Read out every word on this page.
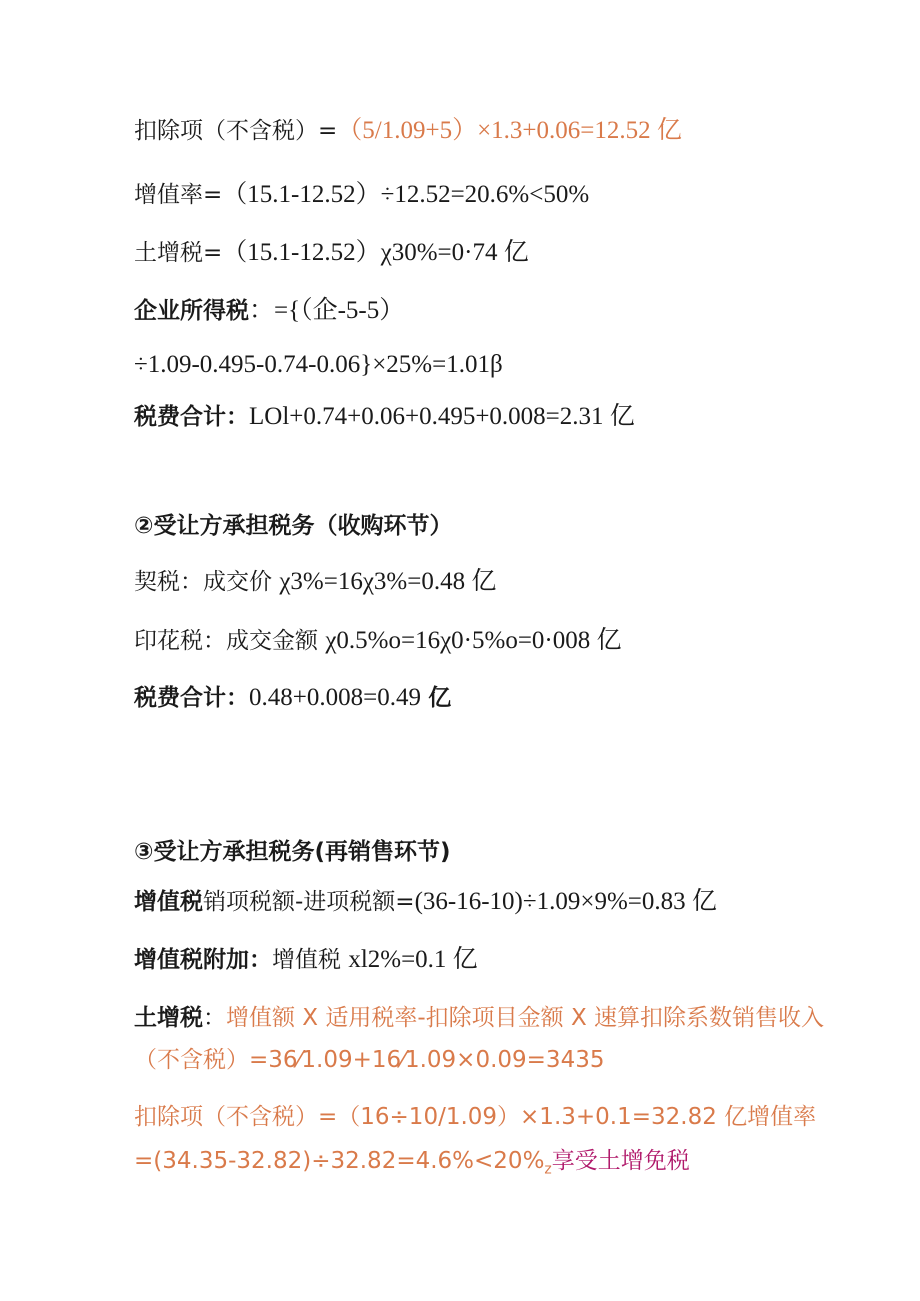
扣除项（不含税）=（5/1.09+5）×1.3+0.06=12.52 亿
增值率=（15.1-12.52）÷12.52=20.6%<50%
土增税=（15.1-12.52）χ30%=0·74 亿
企业所得税：={（企-5-5）
÷1.09-0.495-0.74-0.06}×25%=1.01β
税费合计：LOl+0.74+0.06+0.495+0.008=2.31 亿
②受让方承担税务（收购环节）
契税：成交价 χ3%=16χ3%=0.48 亿
印花税：成交金额 χ0.5%o=16χ0·5%o=0·008 亿
税费合计：0.48+0.008=0.49 亿
③受让方承担税务(再销售环节)
增值税销项税额-进项税额=(36-16-10)÷1.09×9%=0.83 亿
增值税附加：增值税 xl2%=0.1 亿
土增税：增值额 X 适用税率-扣除项目金额 X 速算扣除系数销售收入
（不含税）=36⁄1.09+16⁄1.09×0.09=3435
扣除项（不含税）=（16÷10/1.09）×1.3+0.1=32.82 亿增值率
$=(34.35-32.82)\div 32.82=4.6\%<20\%_z$享受土增免税
